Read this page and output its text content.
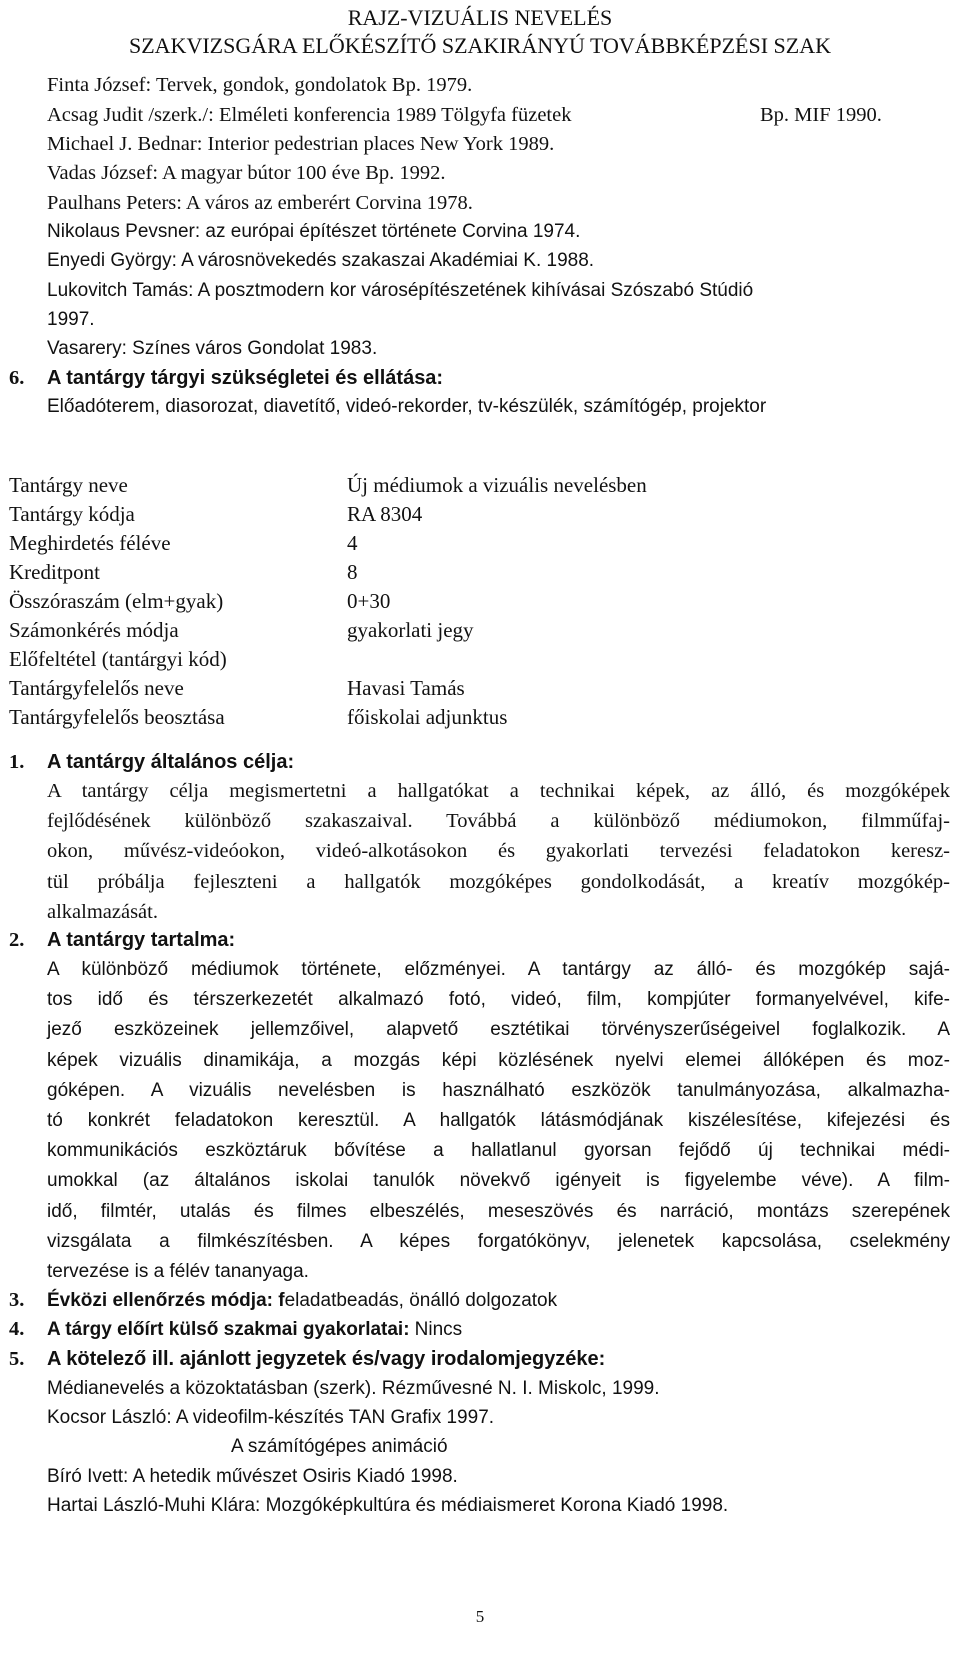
RAJZ-VIZUÁLIS NEVELÉS
SZAKVIZSGÁRA ELŐKÉSZÍTŐ SZAKIRÁNYÚ TOVÁBBKÉPZÉSI SZAK
Finta József: Tervek, gondok, gondolatok Bp. 1979.
Acsag Judit /szerk./: Elméleti konferencia 1989 Tölgyfa füzetek	Bp. MIF 1990.
Michael J. Bednar: Interior pedestrian places New York 1989.
Vadas József: A magyar bútor 100 éve Bp. 1992.
Paulhans Peters: A város az emberért Corvina 1978.
Nikolaus Pevsner: az európai építészet története Corvina 1974.
Enyedi György: A városnövekedés szakaszai Akadémiai K. 1988.
Lukovitch Tamás: A posztmodern kor városépítészetének kihívásai Szószabó Stúdió
1997.
Vasarery: Színes város Gondolat 1983.
6. A tantárgy tárgyi szükségletei és ellátása:
Előadóterem, diasorozat, diavetítő, videó-rekorder, tv-készülék, számítógép, projektor
Tantárgy neve	Új médiumok a vizuális nevelésben
Tantárgy kódja	RA 8304
Meghirdetés féléve	4
Kreditpont	8
Összóraszám (elm+gyak)	0+30
Számonkérés módja	gyakorlati jegy
Előfeltétel (tantárgyi kód)
Tantárgyfelelős neve	Havasi Tamás
Tantárgyfelelős beosztása	főiskolai adjunktus
1. A tantárgy általános célja:
A tantárgy célja megismertetni a hallgatókat a technikai képek, az álló, és mozgóképek
fejlődésének különböző szakaszaival. Továbbá a különböző médiumokon, filmműfaj-
okon, művész-videóokon, videó-alkotásokon és gyakorlati tervezési feladatokon keresz-
tül próbálja fejleszteni a hallgatók mozgóképes gondolkodását, a kreatív mozgókép-
alkalmazását.
2. A tantárgy tartalma:
A különböző médiumok története, előzményei. A tantárgy az álló- és mozgókép sajá-
tos idő és térszerkezetét alkalmazó fotó, videó, film, kompjúter formanyelvével, kife-
jező eszközeinek jellemzőivel, alapvető esztétikai törvényszerűségeivel foglalkozik. A
képek vizuális dinamikája, a mozgás képi közlésének nyelvi elemei állóképen és moz-
góképen. A vizuális nevelésben is használható eszközök tanulmányozása, alkalmazha-
tó konkrét feladatokon keresztül. A hallgatók látásmódjának kiszélesítése, kifejezési és
kommunikációs eszköztáruk bővítése a hallatlanul gyorsan fejődő új technikai médi-
umokkal (az általános iskolai tanulók növekvő igényeit is figyelembe véve). A film-
idő, filmtér, utalás és filmes elbeszélés, meseszövés és narráció, montázs szerepének
vizsgálata a filmkészítésben. A képes forgatókönyv, jelenetek kapcsolása, cselekmény
tervezése is a félév tananyaga.
3. Évközi ellenőrzés módja: feladatbeadás, önálló dolgozatok
4. A tárgy előírt külső szakmai gyakorlatai: Nincs
5. A kötelező ill. ajánlott jegyzetek és/vagy irodalomjegyzéke:
Médianevelés a közoktatásban (szerk). Rézművesné N. I. Miskolc, 1999.
Kocsor László: A videofilm-készítés TAN Grafix 1997.
A számítógépes animáció
Bíró Ivett: A hetedik művészet Osiris Kiadó 1998.
Hartai László-Muhi Klára: Mozgóképkultúra és médiaismeret Korona Kiadó 1998.
5
